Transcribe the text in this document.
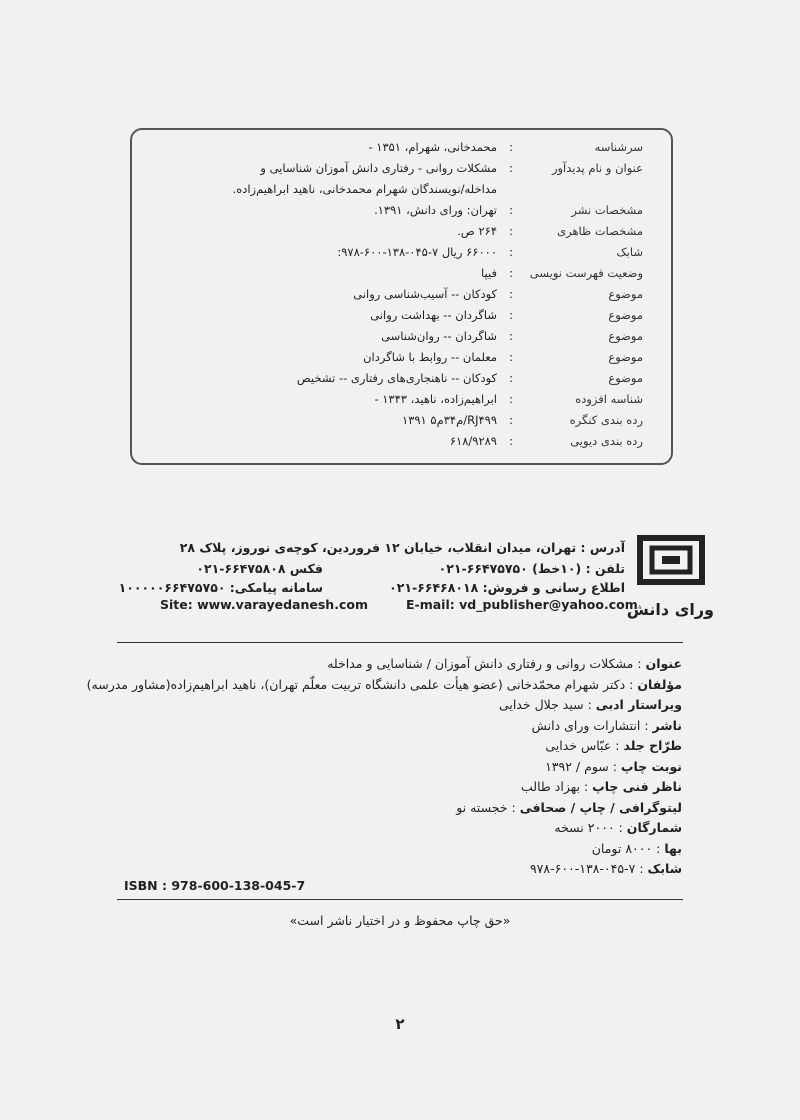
سرشناسه
:
محمدخانی، شهرام، ۱۳۵۱ -
عنوان و نام پدیدآور
:
مشکلات روانی - رفتاری دانش آموزان شناسایی و
مداخله/نویسندگان شهرام محمدخانی، ناهید ابراهیم‌زاده.
مشخصات نشر
:
تهران: ورای دانش، ۱۳۹۱.
مشخصات ظاهری
:
۲۶۴ ص.
شابک
:
۶۶۰۰۰ ریال ۷-۰۴۵-۱۳۸-۶۰۰-۹۷۸:
وضعیت فهرست نویسی
:
فیپا
موضوع
:
کودکان -- آسیب‌شناسی روانی
موضوع
:
شاگردان -- بهداشت روانی
موضوع
:
شاگردان -- روان‌شناسی
موضوع
:
معلمان -- روابط با شاگردان
موضوع
:
کودکان -- ناهنجاری‌های رفتاری -- تشخیص
شناسه افزوده
:
ابراهیم‌زاده، ناهید، ۱۳۴۳ -
رده بندی کنگره
:
RJ۴۹۹/م۳۴م۵ ۱۳۹۱
رده بندی دیویی
:
۶۱۸/۹۲۸۹
ورای دانش
آدرس : تهران، میدان انقلاب، خیابان ۱۲ فروردین، کوچه‌ی نوروز، پلاک ۲۸
تلفن : (۱۰خط) ۶۶۴۷۵۷۵۰-۰۲۱
فکس ۶۶۴۷۵۸۰۸-۰۲۱
اطلاع رسانی و فروش: ۶۶۴۶۸۰۱۸-۰۲۱
سامانه پیامکی: ۱۰۰۰۰۰۶۶۴۷۵۷۵۰
E-mail: vd_publisher@yahoo.com
Site: www.varayedanesh.com
عنوان : مشکلات روانی و رفتاری دانش آموزان / شناسایی و مداخله
مؤلفان : دکتر شهرام محمّدخانی (عضو هیأت علمی دانشگاه تربیت معلّم تهران)، ناهید ابراهیم‌زاده(مشاور مدرسه)
ویراستار ادبی : سید جلال خدایی
ناشر : انتشارات ورای دانش
طرّاح جلد : عبّاس خدایی
نوبت چاپ : سوم / ۱۳۹۲
ناظر فنی چاپ : بهزاد طالب
لیتوگرافی / چاپ / صحافی : خجسته نو
شمارگان : ۲۰۰۰ نسخه
بها : ۸۰۰۰ تومان
شابک : ۷-۰۴۵-۱۳۸-۶۰۰-۹۷۸
ISBN : 978-600-138-045-7
«حق چاپ محفوظ و در اختیار ناشر است»
۲
